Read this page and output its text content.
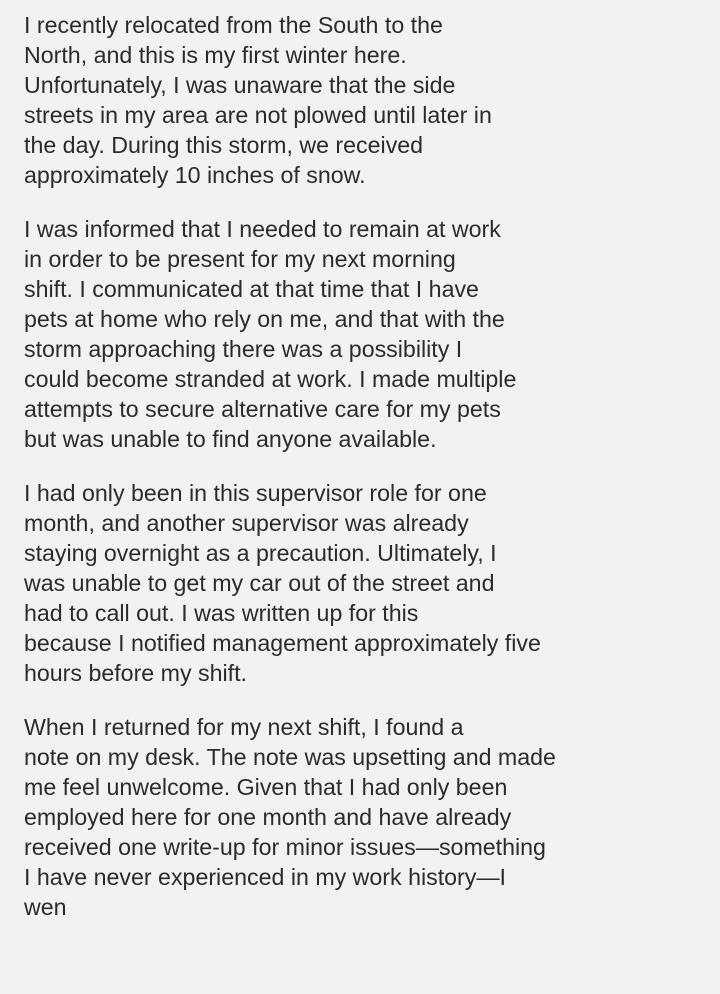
I recently relocated from the South to the
North, and this is my first winter here.
Unfortunately, I was unaware that the side
streets in my area are not plowed until later in
the day. During this storm, we received
approximately 10 inches of snow.

I was informed that I needed to remain at work
in order to be present for my next morning
shift. I communicated at that time that I have
pets at home who rely on me, and that with the
storm approaching there was a possibility I
could become stranded at work. I made multiple
attempts to secure alternative care for my pets
but was unable to find anyone available.

I had only been in this supervisor role for one
month, and another supervisor was already
staying overnight as a precaution. Ultimately, I
was unable to get my car out of the street and
had to call out. I was written up for this
because I notified management approximately five
hours before my shift.

When I returned for my next shift, I found a
note on my desk. The note was upsetting and made
me feel unwelcome. Given that I had only been
employed here for one month and have already
received one write-up for minor issues—something
I have never experienced in my work history—I
wen
